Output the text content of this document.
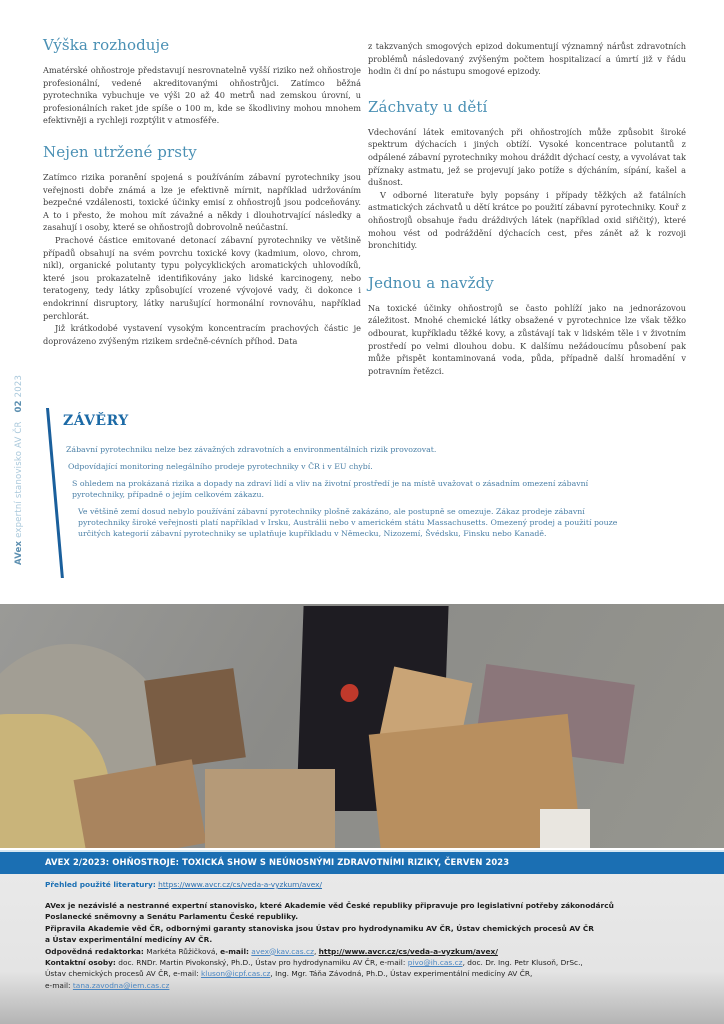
Výška rozhoduje

Amatérské ohňostroje představují nesrovnatelně vyšší riziko než ohňostroje profesionální, vedené akreditovanými ohňostrůjci. Zatímco běžná pyrotechnika vybuchuje ve výši 20 až 40 metrů nad zemskou úrovní, u profesionálních raket jde spíše o 100 m, kde se škodliviny mohou mnohem efektivněji a rychleji rozptýlit v atmosféře.

Nejen utržené prsty

Zatímco rizika poranění spojená s používáním zábavní pyrotechniky jsou veřejnosti dobře známá a lze je efektivně mírnit, například udržováním bezpečné vzdálenosti, toxické účinky emisí z ohňostrojů jsou podceňovány. A to i přesto, že mohou mít závažné a někdy i dlouhotrvající následky a zasahují i osoby, které se ohňostrojů dobrovolně neúčastní.

Prachové částice emitované detonací zábavní pyrotechniky ve většině případů obsahují na svém povrchu toxické kovy (kadmium, olovo, chrom, nikl), organické polutanty typu polycyklických aromatických uhlovodíků, které jsou prokazatelně identifikovány jako lidské karcinogeny, nebo teratogeny, tedy látky způsobující vrozené vývojové vady, či dokonce i endokrinní disruptory, látky narušující hormonální rovnováhu, například perchlorát.

Již krátkodobé vystavení vysokým koncentracím prachových částic je doprovázeno zvýšeným rizikem srdečně-cévních příhod. Data

z takzvaných smogových epizod dokumentují významný nárůst zdravotních problémů následovaný zvýšeným počtem hospitalizací a úmrtí již v řádu hodin či dní po nástupu smogové epizody.

Záchvaty u dětí

Vdechování látek emitovaných při ohňostrojích může způsobit široké spektrum dýchacích i jiných obtíží. Vysoké koncentrace polutantů z odpálené zábavní pyrotechniky mohou dráždit dýchací cesty, a vyvolávat tak příznaky astmatu, jež se projevují jako potíže s dýcháním, sípání, kašel a dušnost.

V odborné literatuře byly popsány i případy těžkých až fatálních astmatických záchvatů u dětí krátce po použití zábavní pyrotechniky. Kouř z ohňostrojů obsahuje řadu dráždivých látek (například oxid siřičitý), které mohou vést od podráždění dýchacích cest, přes zánět až k rozvoji bronchitidy.

Jednou a navždy

Na toxické účinky ohňostrojů se často pohlíží jako na jednorázovou záležitost. Mnohé chemické látky obsažené v pyrotechnice lze však těžko odbourat, kupříkladu těžké kovy, a zůstávají tak v lidském těle i v životním prostředí po velmi dlouhou dobu. K dalšímu nežádoucímu působení pak může přispět kontaminovaná voda, půda, případně další hromadění v potravním řetězci.

AVex expertní stanovisko AV ČR 02 2023
ZÁVĚRY
Zábavní pyrotechniku nelze bez závažných zdravotních a environmentálních rizik provozovat.
Odpovídající monitoring nelegálního prodeje pyrotechniky v ČR i v EU chybí.
S ohledem na prokázaná rizika a dopady na zdraví lidí a vliv na životní prostředí je na místě uvažovat o zásadním omezení zábavní pyrotechniky, případně o jejím celkovém zákazu.
Ve většině zemí dosud nebylo používání zábavní pyrotechniky plošně zakázáno, ale postupně se omezuje. Zákaz prodeje zábavní pyrotechniky široké veřejnosti platí například v Irsku, Austrálii nebo v americkém státu Massachusetts. Omezený prodej a použití pouze určitých kategorií zábavní pyrotechniky se uplatňuje kupříkladu v Německu, Nizozemí, Švédsku, Finsku nebo Kanadě.
AVEX 2/2023: OHŇOSTROJE: TOXICKÁ SHOW S NEÚNOSNÝMI ZDRAVOTNÍMI RIZIKY, ČERVEN 2023
Přehled použité literatury: https://www.avcr.cz/cs/veda-a-vyzkum/avex/
AVex je nezávislé a nestranné expertní stanovisko, které Akademie věd České republiky připravuje pro legislativní potřeby zákonodárců
Poslanecké sněmovny a Senátu Parlamentu České republiky.
Připravila Akademie věd ČR, odbornými garanty stanoviska jsou Ústav pro hydrodynamiku AV ČR, Ústav chemických procesů AV ČR
a Ústav experimentální medicíny AV ČR.
Odpovědná redaktorka: Markéta Růžičková, e-mail: avex@kav.cas.cz, http://www.avcr.cz/cs/veda-a-vyzkum/avex/
Kontaktní osoby: doc. RNDr. Martin Pivokonský, Ph.D., Ústav pro hydrodynamiku AV ČR, e-mail: pivo@ih.cas.cz, doc. Dr. Ing. Petr Klusoň, DrSc.,
Ústav chemických procesů AV ČR, e-mail: kluson@icpf.cas.cz, Ing. Mgr. Táňa Závodná, Ph.D., Ústav experimentální medicíny AV ČR,
e-mail: tana.zavodna@iem.cas.cz
